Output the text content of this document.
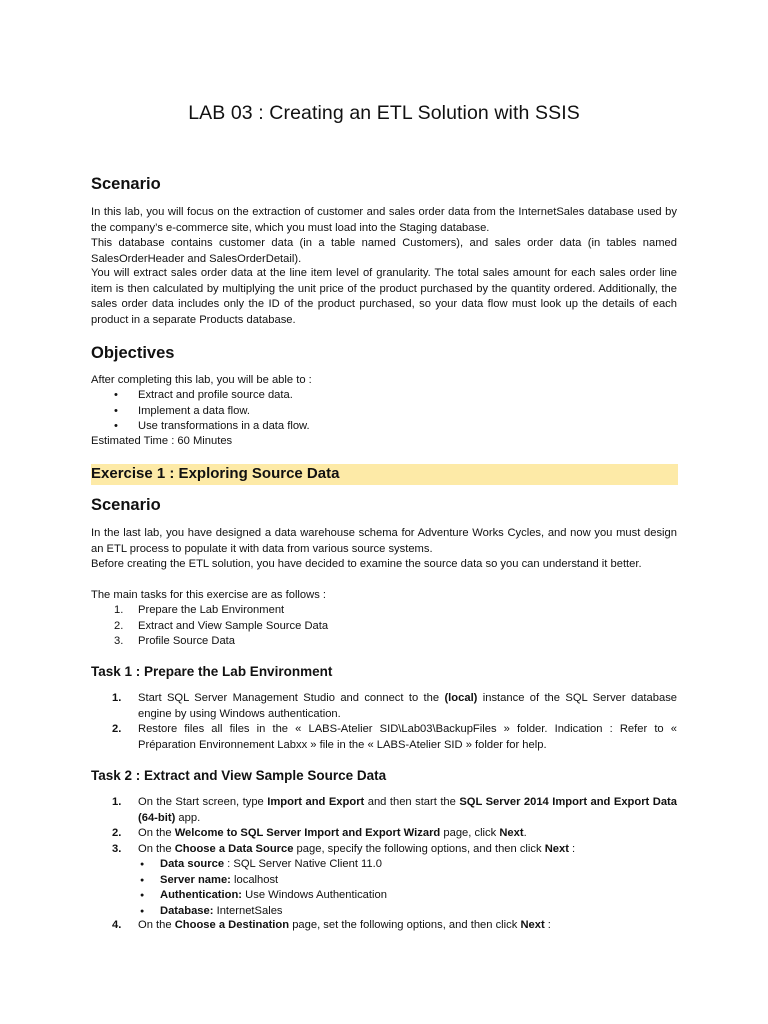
LAB 03 : Creating an ETL Solution with SSIS
Scenario

In this lab, you will focus on the extraction of customer and sales order data from the InternetSales database used by the company’s e-commerce site, which you must load into the Staging database.

This database contains customer data (in a table named Customers), and sales order data (in tables named SalesOrderHeader and SalesOrderDetail).

You will extract sales order data at the line item level of granularity. The total sales amount for each sales order line item is then calculated by multiplying the unit price of the product purchased by the quantity ordered. Additionally, the sales order data includes only the ID of the product purchased, so your data flow must look up the details of each product in a separate Products database.

Objectives
After completing this lab, you will be able to :
• Extract and profile source data.
• Implement a data flow.
• Use transformations in a data flow.
Estimated Time : 60 Minutes
Exercise 1 : Exploring Source Data
Scenario

In the last lab, you have designed a data warehouse schema for Adventure Works Cycles, and now you must design an ETL process to populate it with data from various source systems.

Before creating the ETL solution, you have decided to examine the source data so you can understand it better.

The main tasks for this exercise are as follows :
1.	Prepare the Lab Environment
2.	Extract and View Sample Source Data
3.	Profile Source Data
Task 1 : Prepare the Lab Environment
1. Start SQL Server Management Studio and connect to the (local) instance of the SQL Server database engine by using Windows authentication.
2. Restore files all files in the « LABS-Atelier SID\Lab03\BackupFiles » folder. Indication : Refer to « Préparation Environnement Labxx » file in the « LABS-Atelier SID » folder for help.
Task 2 : Extract and View Sample Source Data
1. On the Start screen, type Import and Export and then start the SQL Server 2014 Import and Export Data (64-bit) app.
2. On the Welcome to SQL Server Import and Export Wizard page, click Next.
3. On the Choose a Data Source page, specify the following options, and then click Next :
● Data source : SQL Server Native Client 11.0
● Server name: localhost
● Authentication: Use Windows Authentication
● Database: InternetSales
4. On the Choose a Destination page, set the following options, and then click Next :
